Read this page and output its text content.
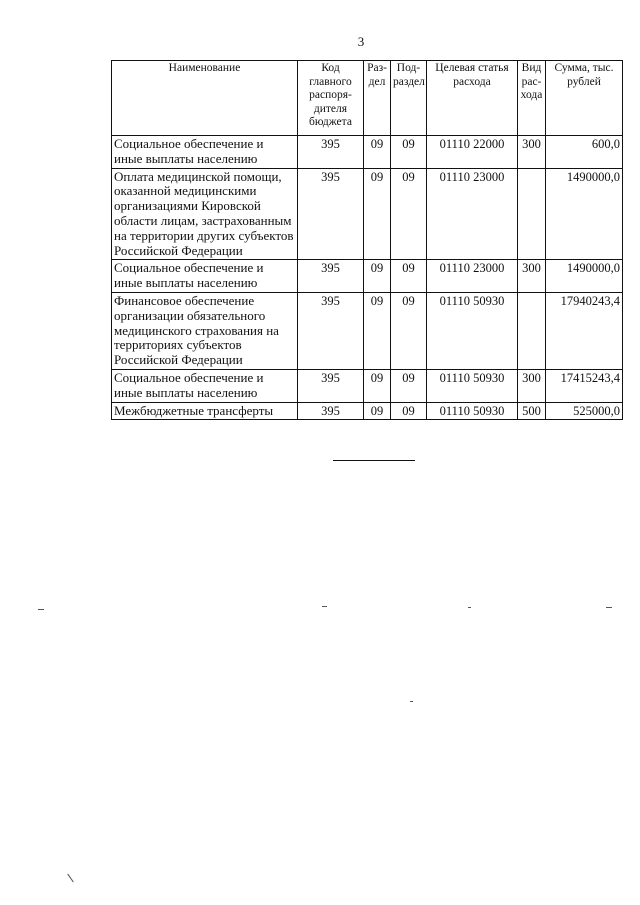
3
Наименование	Код главного распоря-дителя бюджета	Раз-дел	Под-раздел	Целевая статья расхода	Вид рас-хода	Сумма, тыс. рублей
Социальное обеспечение и иные выплаты населению	395	09	09	01110 22000	300	600,0
Оплата медицинской помощи, оказанной медицинскими организациями Кировской области лицам, застрахованным на территории других субъектов Российской Федерации	395	09	09	01110 23000		1490000,0
Социальное обеспечение и иные выплаты населению	395	09	09	01110 23000	300	1490000,0
Финансовое обеспечение организации обязательного медицинского страхования на территориях субъектов Российской Федерации	395	09	09	01110 50930		17940243,4
Социальное обеспечение и иные выплаты населению	395	09	09	01110 50930	300	17415243,4
Межбюджетные трансферты	395	09	09	01110 50930	500	525000,0
